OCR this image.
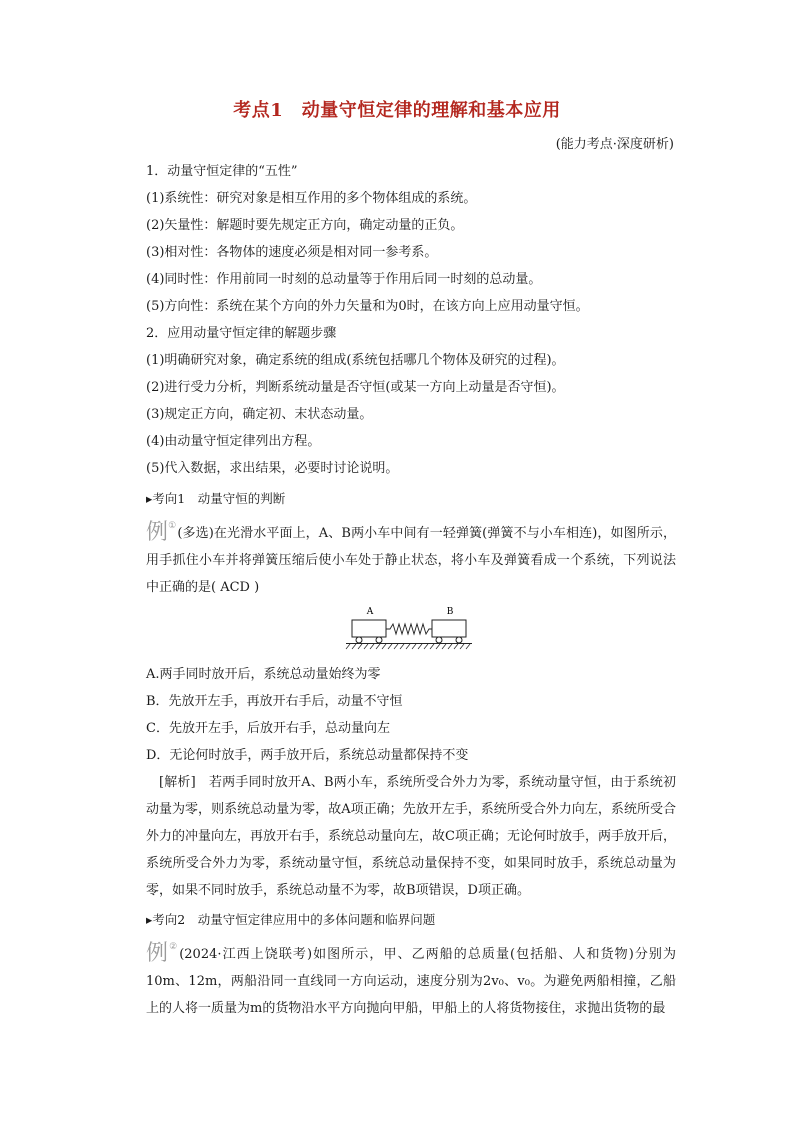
考点1　动量守恒定律的理解和基本应用
(能力考点·深度研析)
1．动量守恒定律的“五性”
(1)系统性：研究对象是相互作用的多个物体组成的系统。
(2)矢量性：解题时要先规定正方向，确定动量的正负。
(3)相对性：各物体的速度必须是相对同一参考系。
(4)同时性：作用前同一时刻的总动量等于作用后同一时刻的总动量。
(5)方向性：系统在某个方向的外力矢量和为0时，在该方向上应用动量守恒。
2．应用动量守恒定律的解题步骤
(1)明确研究对象，确定系统的组成(系统包括哪几个物体及研究的过程)。
(2)进行受力分析，判断系统动量是否守恒(或某一方向上动量是否守恒)。
(3)规定正方向，确定初、末状态动量。
(4)由动量守恒定律列出方程。
(5)代入数据，求出结果，必要时讨论说明。
▸考向1　动量守恒的判断
例①(多选)在光滑水平面上，A、B两小车中间有一轻弹簧(弹簧不与小车相连)，如图所示，用手抓住小车并将弹簧压缩后使小车处于静止状态，将小车及弹簧看成一个系统，下列说法中正确的是( ACD )
A	B
A.两手同时放开后，系统总动量始终为零
B．先放开左手，再放开右手后，动量不守恒
C．先放开左手，后放开右手，总动量向左
D．无论何时放手，两手放开后，系统总动量都保持不变
[解析]　若两手同时放开A、B两小车，系统所受合外力为零，系统动量守恒，由于系统初动量为零，则系统总动量为零，故A项正确；先放开左手，系统所受合外力向左，系统所受合外力的冲量向左，再放开右手，系统总动量向左，故C项正确；无论何时放手，两手放开后，系统所受合外力为零，系统动量守恒，系统总动量保持不变，如果同时放手，系统总动量为零，如果不同时放手，系统总动量不为零，故B项错误，D项正确。
▸考向2　动量守恒定律应用中的多体问题和临界问题
例②(2024·江西上饶联考)如图所示，甲、乙两船的总质量(包括船、人和货物)分别为10m、12m，两船沿同一直线同一方向运动，速度分别为2v₀、v₀。为避免两船相撞，乙船上的人将一质量为m的货物沿水平方向抛向甲船，甲船上的人将货物接住，求抛出货物的最
